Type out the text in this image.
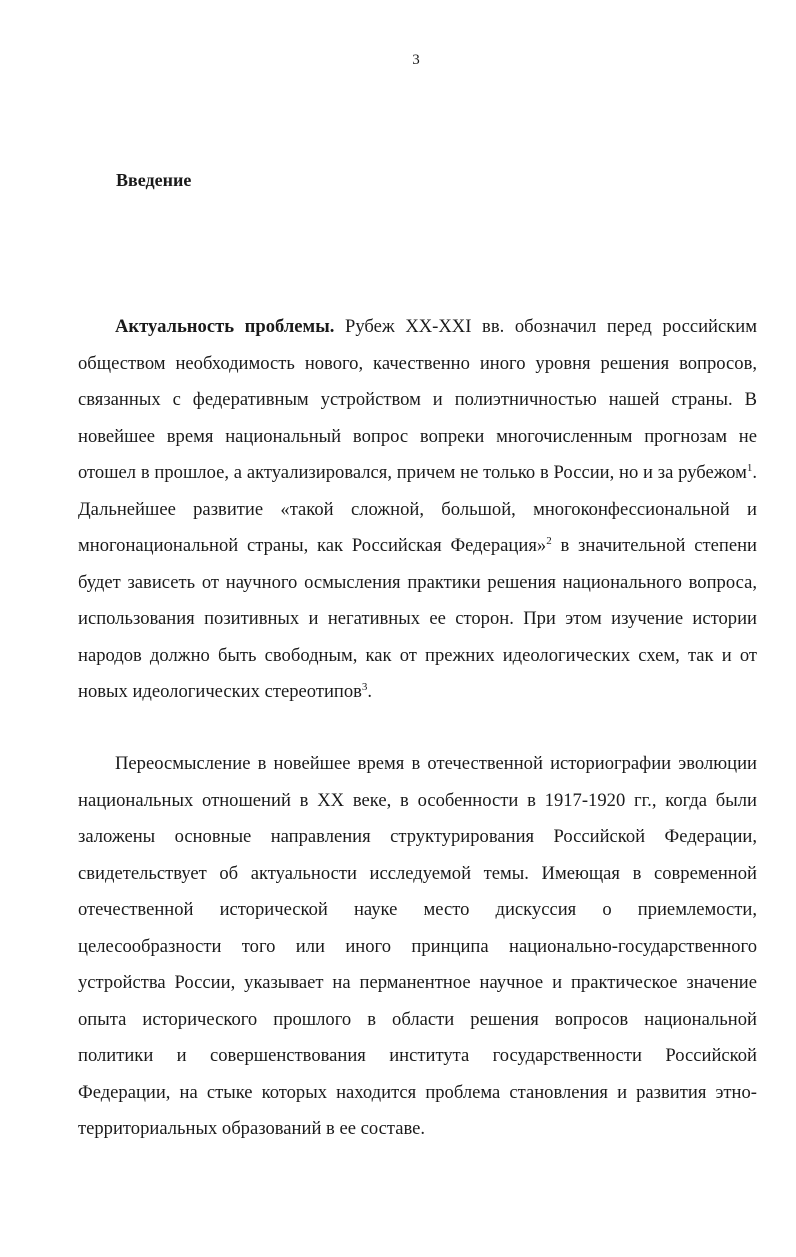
3
Введение

Актуальность проблемы. Рубеж XX-XXI вв. обозначил перед российским обществом необходимость нового, качественно иного уровня решения вопросов, связанных с федеративным устройством и полиэтничностью нашей страны. В новейшее время национальный вопрос вопреки многочисленным прогнозам не отошел в прошлое, а актуализировался, причем не только в России, но и за рубежом$^1$. Дальнейшее развитие «такой сложной, большой, многоконфессиональной и многонациональной страны, как Российская Федерация»$^2$ в значительной степени будет зависеть от научного осмысления практики решения национального вопроса, использования позитивных и негативных ее сторон. При этом изучение истории народов должно быть свободным, как от прежних идеологических схем, так и от новых идеологических стереотипов$^3$.

Переосмысление в новейшее время в отечественной историографии эволюции национальных отношений в XX веке, в особенности в 1917-1920 гг., когда были заложены основные направления структурирования Российской Федерации, свидетельствует об актуальности исследуемой темы. Имеющая в современной отечественной исторической науке место дискуссия о приемлемости, целесообразности того или иного принципа национально-государственного устройства России, указывает на перманентное научное и практическое значение опыта исторического прошлого в области решения вопросов национальной политики и совершенствования института государственности Российской Федерации, на стыке которых находится проблема становления и развития этно-территориальных образований в ее составе.
